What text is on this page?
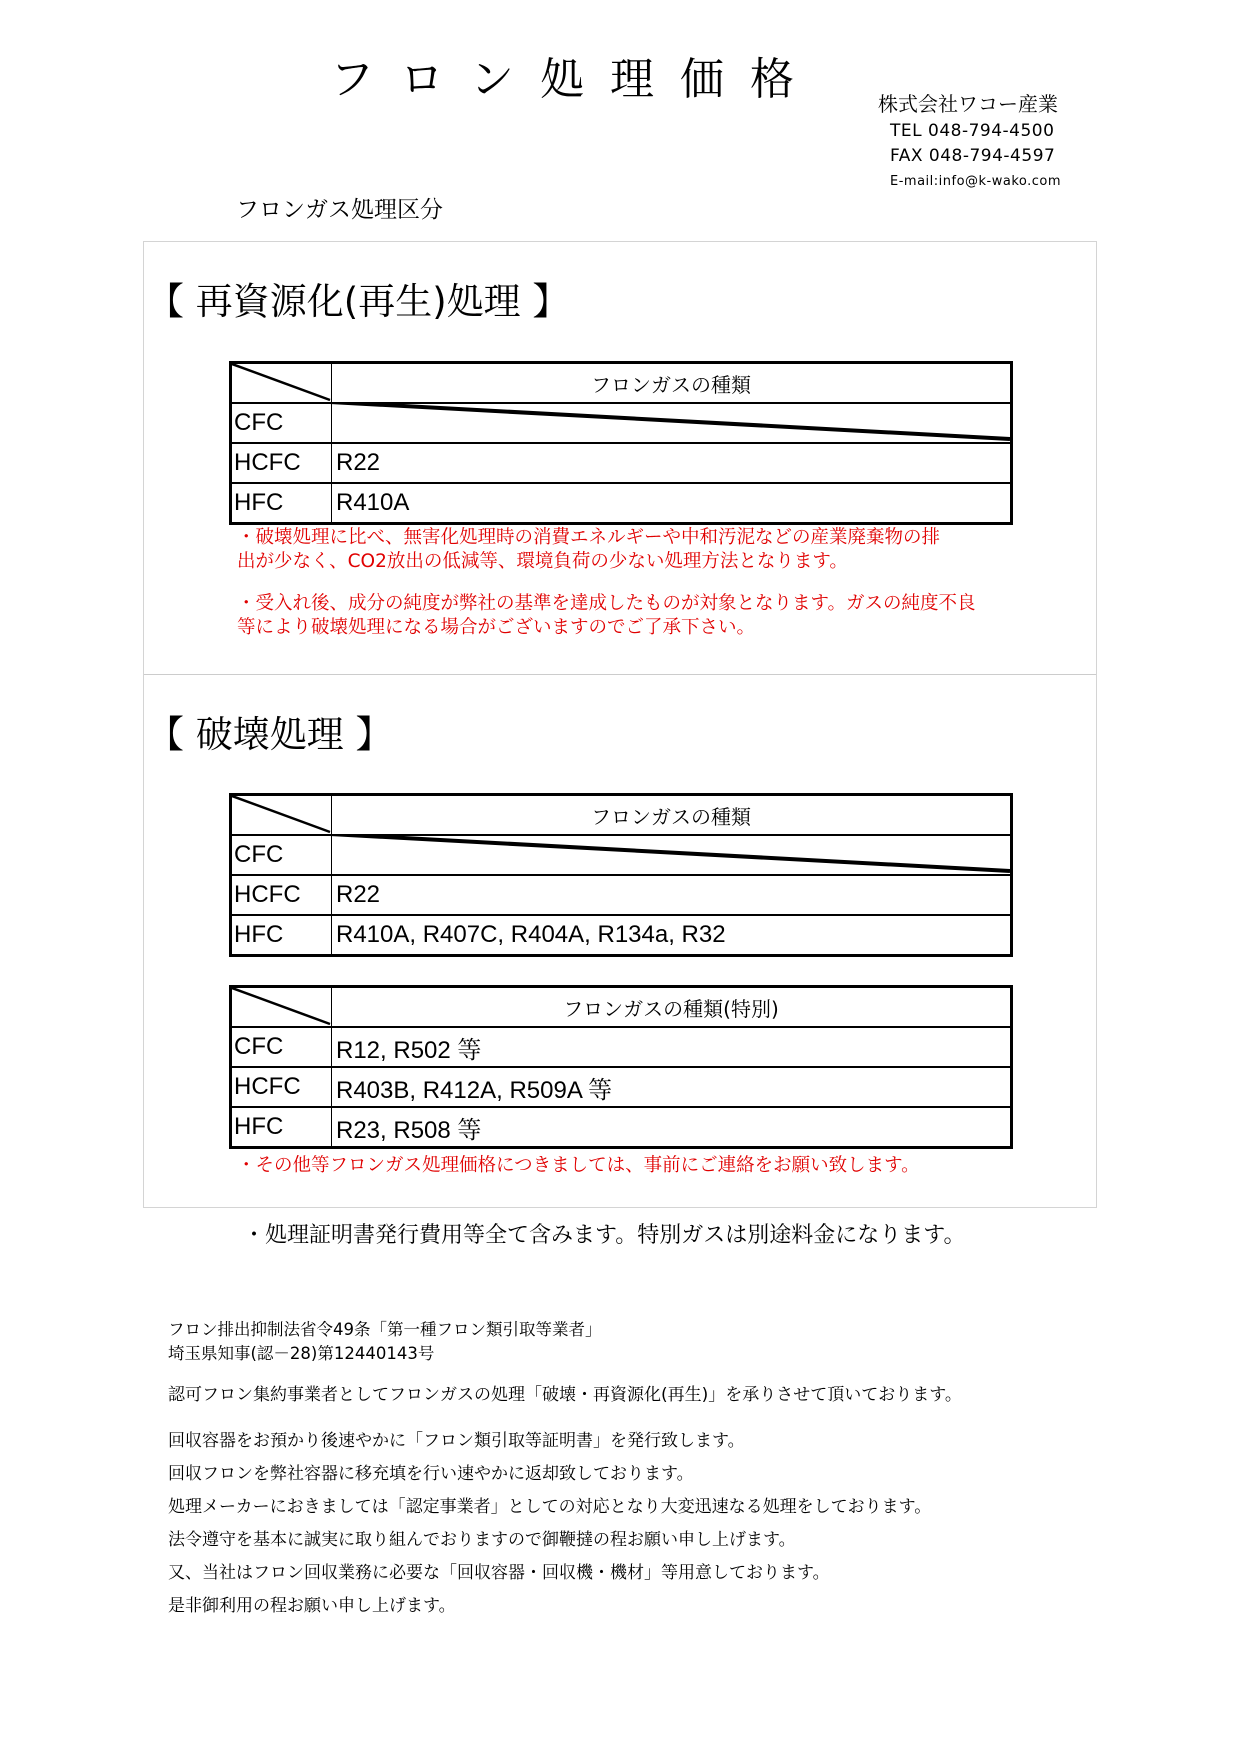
フロン処理価格	株式会社ワコー産業
TEL 048-794-4500
FAX 048-794-4597
E-mail:info@k-wako.com
フロンガス処理区分
【 再資源化(再生)処理 】
フロンガスの種類
CFC
HCFC	R22
HFC	R410A
・破壊処理に比べ、無害化処理時の消費エネルギーや中和汚泥などの産業廃棄物の排
出が少なく、CO2放出の低減等、環境負荷の少ない処理方法となります。
・受入れ後、成分の純度が弊社の基準を達成したものが対象となります。ガスの純度不良
等により破壊処理になる場合がございますのでご了承下さい。
【 破壊処理 】
フロンガスの種類
CFC
HCFC	R22
HFC	R410A, R407C, R404A, R134a, R32
フロンガスの種類(特別)
CFC	R12, R502 等
HCFC	R403B, R412A, R509A 等
HFC	R23, R508 等
・その他等フロンガス処理価格につきましては、事前にご連絡をお願い致します。
・処理証明書発行費用等全て含みます。特別ガスは別途料金になります。
フロン排出抑制法省令49条「第一種フロン類引取等業者」
埼玉県知事(認－28)第12440143号
認可フロン集約事業者としてフロンガスの処理「破壊・再資源化(再生)」を承りさせて頂いております。
回収容器をお預かり後速やかに「フロン類引取等証明書」を発行致します。
回収フロンを弊社容器に移充填を行い速やかに返却致しております。
処理メーカーにおきましては「認定事業者」としての対応となり大変迅速なる処理をしております。
法令遵守を基本に誠実に取り組んでおりますので御鞭撻の程お願い申し上げます。
又、当社はフロン回収業務に必要な「回収容器・回収機・機材」等用意しております。
是非御利用の程お願い申し上げます。
